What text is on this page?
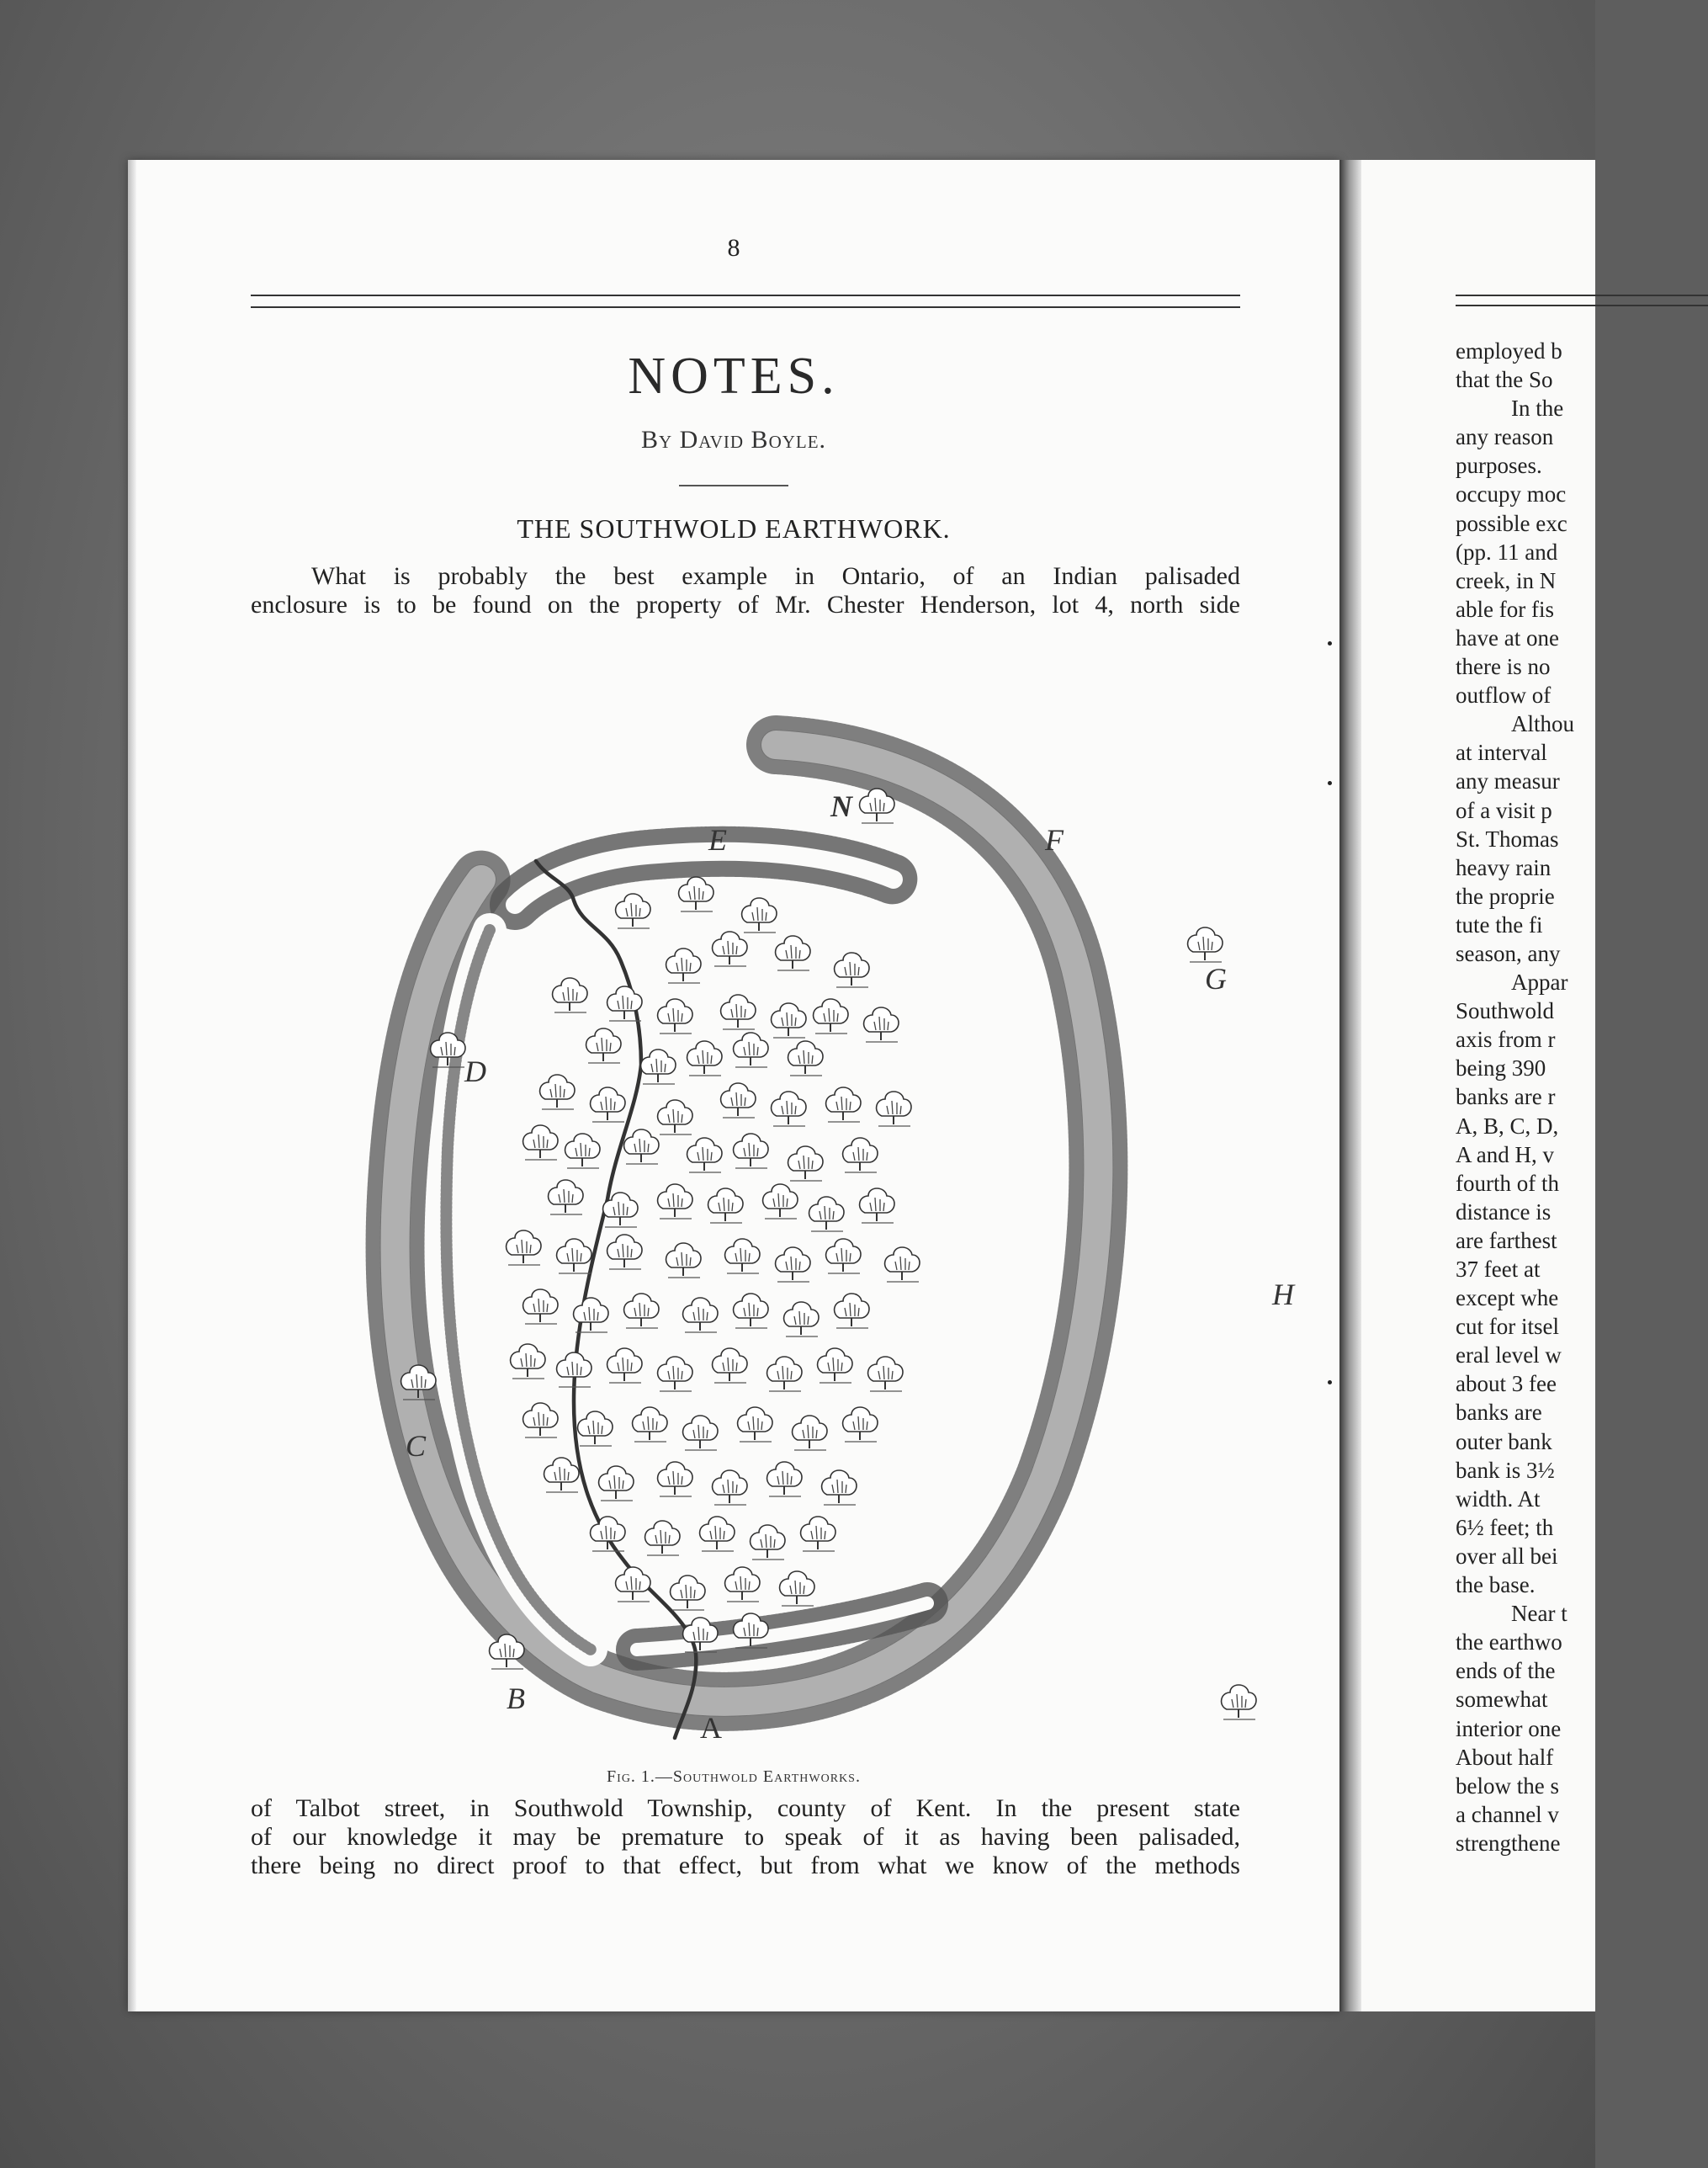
8
NOTES.
By David Boyle.
THE SOUTHWOLD EARTHWORK.
What is probably the best example in Ontario, of an Indian palisaded
enclosure is to be found on the property of Mr. Chester Henderson, lot 4, north side
N
E	F
G
D
H
C
B
A
Fig. 1.—Southwold Earthworks.
of Talbot street, in Southwold Township, county of Kent. In the present state
of our knowledge it may be premature to speak of it as having been palisaded,
there being no direct proof to that effect, but from what we know of the methods
employed b
that the So
In the
any reason
purposes.
occupy moc
possible exc
(pp. 11 and
creek, in N
able for fis
have at one
there is no
outflow of
Althou
at interval
any measur
of a visit p
St. Thomas
heavy rain
the proprie
tute the fi
season, any
Appar
Southwold
axis from r
being 390
banks are r
A, B, C, D,
A and H, v
fourth of th
distance is
are farthest
37 feet at
except whe
cut for itsel
eral level w
about 3 fee
banks are
outer bank
bank is 3½
width. At
6½ feet; th
over all bei
the base.
Near t
the earthwo
ends of the
somewhat
interior one
About half
below the s
a channel v
strengthene
